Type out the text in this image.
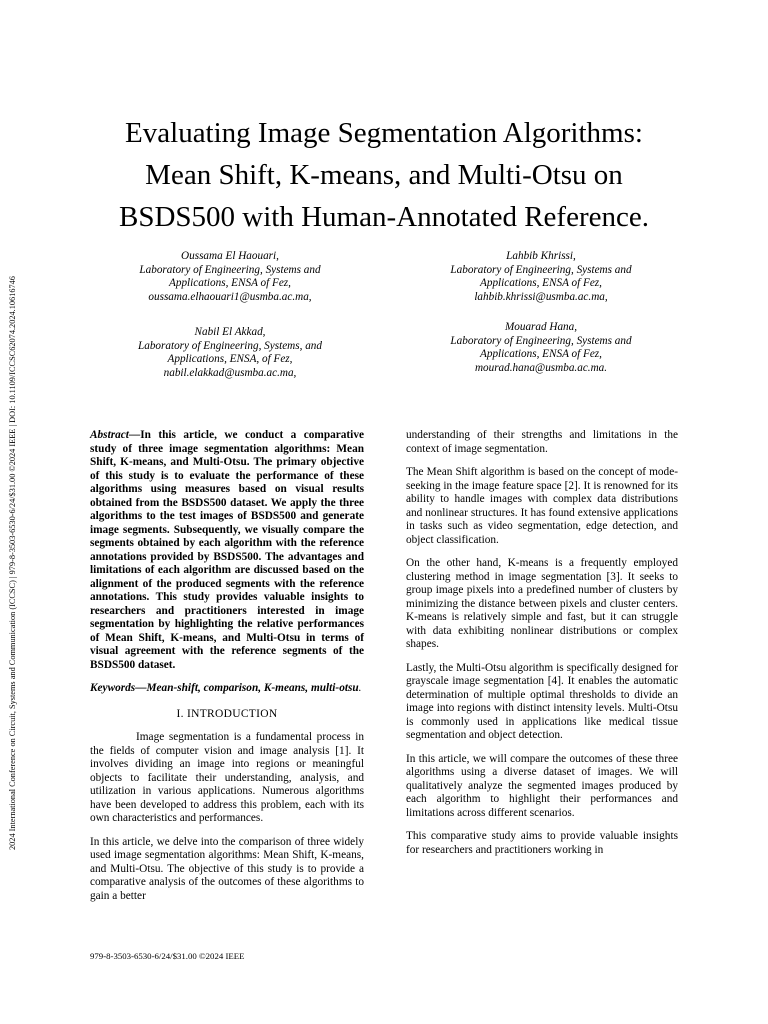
2024 International Conference on Circuit, Systems and Communication (ICCSC) | 979-8-3503-6530-6/24/$31.00 ©2024 IEEE | DOI: 10.1109/ICCSC62074.2024.10616746
Evaluating Image Segmentation Algorithms:
Mean Shift, K-means, and Multi-Otsu on
BSDS500 with Human-Annotated Reference.
Oussama El Haouari,
Laboratory of Engineering, Systems and
Applications, ENSA of Fez,
oussama.elhaouari1@usmba.ac.ma,
Lahbib Khrissi,
Laboratory of Engineering, Systems and
Applications, ENSA of Fez,
lahbib.khrissi@usmba.ac.ma,
Nabil El Akkad,
Laboratory of Engineering, Systems, and
Applications, ENSA, of Fez,
nabil.elakkad@usmba.ac.ma,
Mouarad Hana,
Laboratory of Engineering, Systems and
Applications, ENSA of Fez,
mourad.hana@usmba.ac.ma.

Abstract—In this article, we conduct a comparative study of three image segmentation algorithms: Mean Shift, K-means, and Multi-Otsu. The primary objective of this study is to evaluate the performance of these algorithms using measures based on visual results obtained from the BSDS500 dataset. We apply the three algorithms to the test images of BSDS500 and generate image segments. Subsequently, we visually compare the segments obtained by each algorithm with the reference annotations provided by BSDS500. The advantages and limitations of each algorithm are discussed based on the alignment of the produced segments with the reference annotations. This study provides valuable insights to researchers and practitioners interested in image segmentation by highlighting the relative performances of Mean Shift, K-means, and Multi-Otsu in terms of visual agreement with the reference segments of the BSDS500 dataset.

Keywords—Mean-shift, comparison, K-means, multi-otsu.

I. INTRODUCTION

Image segmentation is a fundamental process in the fields of computer vision and image analysis [1]. It involves dividing an image into regions or meaningful objects to facilitate their understanding, analysis, and utilization in various applications. Numerous algorithms have been developed to address this problem, each with its own characteristics and performances.

In this article, we delve into the comparison of three widely used image segmentation algorithms: Mean Shift, K-means, and Multi-Otsu. The objective of this study is to provide a comparative analysis of the outcomes of these algorithms to gain a better

understanding of their strengths and limitations in the context of image segmentation.

The Mean Shift algorithm is based on the concept of mode-seeking in the image feature space [2]. It is renowned for its ability to handle images with complex data distributions and nonlinear structures. It has found extensive applications in tasks such as video segmentation, edge detection, and object classification.

On the other hand, K-means is a frequently employed clustering method in image segmentation [3]. It seeks to group image pixels into a predefined number of clusters by minimizing the distance between pixels and cluster centers. K-means is relatively simple and fast, but it can struggle with data exhibiting nonlinear distributions or complex shapes.

Lastly, the Multi-Otsu algorithm is specifically designed for grayscale image segmentation [4]. It enables the automatic determination of multiple optimal thresholds to divide an image into regions with distinct intensity levels. Multi-Otsu is commonly used in applications like medical tissue segmentation and object detection.

In this article, we will compare the outcomes of these three algorithms using a diverse dataset of images. We will qualitatively analyze the segmented images produced by each algorithm to highlight their performances and limitations across different scenarios.

This comparative study aims to provide valuable insights for researchers and practitioners working in

979-8-3503-6530-6/24/$31.00 ©2024 IEEE
